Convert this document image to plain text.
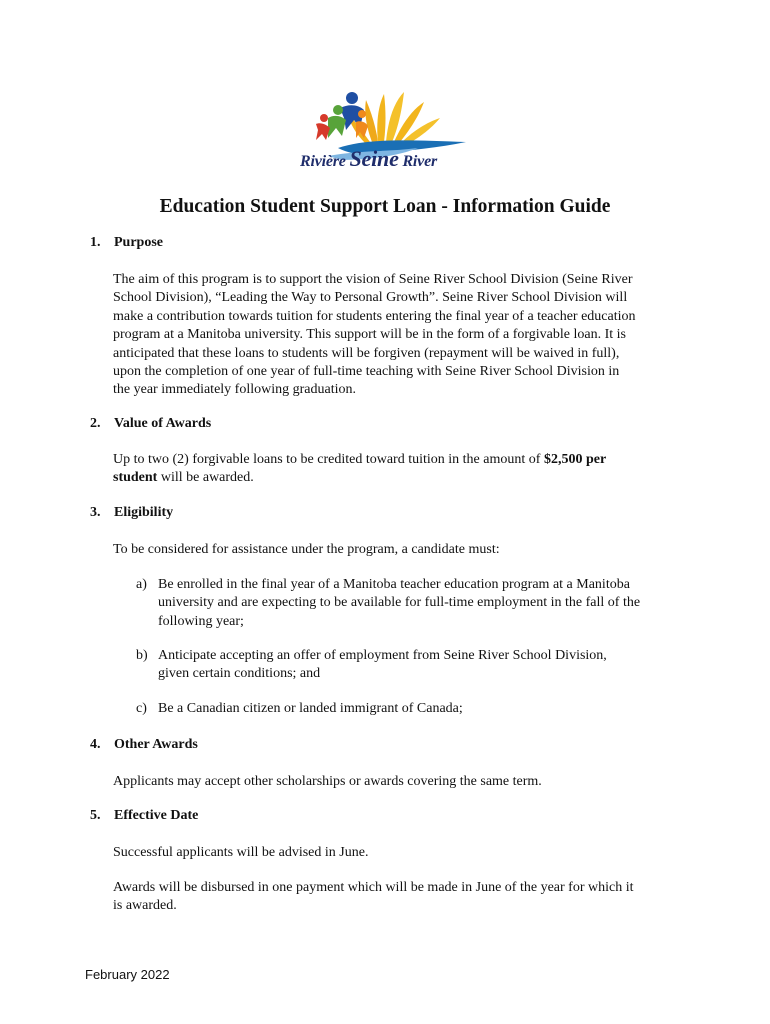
Rivière Seine River
Education Student Support Loan - Information Guide
1. Purpose
The aim of this program is to support the vision of Seine River School Division (Seine River
School Division), “Leading the Way to Personal Growth”. Seine River School Division will
make a contribution towards tuition for students entering the final year of a teacher education
program at a Manitoba university. This support will be in the form of a forgivable loan. It is
anticipated that these loans to students will be forgiven (repayment will be waived in full),
upon the completion of one year of full-time teaching with Seine River School Division in
the year immediately following graduation.
2. Value of Awards
Up to two (2) forgivable loans to be credited toward tuition in the amount of $2,500 per student will be awarded.
3. Eligibility
To be considered for assistance under the program, a candidate must:
a) Be enrolled in the final year of a Manitoba teacher education program at a Manitoba
university and are expecting to be available for full-time employment in the fall of the
following year;
b) Anticipate accepting an offer of employment from Seine River School Division,
given certain conditions; and
c) Be a Canadian citizen or landed immigrant of Canada;
4. Other Awards
Applicants may accept other scholarships or awards covering the same term.
5. Effective Date
Successful applicants will be advised in June.
Awards will be disbursed in one payment which will be made in June of the year for which it
is awarded.
February 2022
